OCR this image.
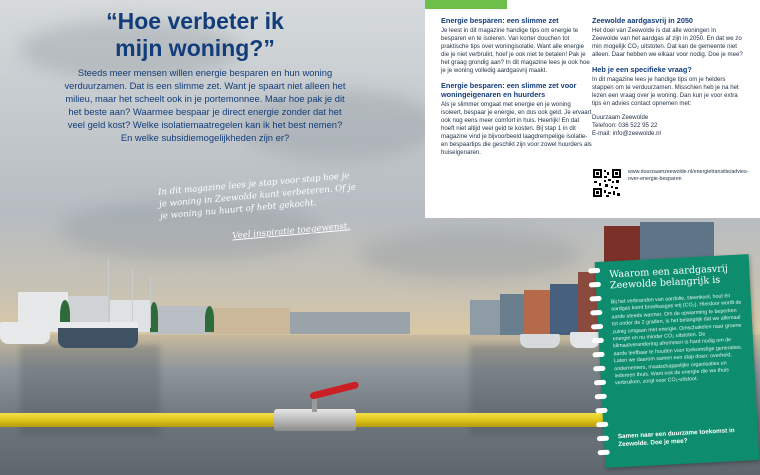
“Hoe verbeter ik mijn woning?”
Steeds meer mensen willen energie besparen en hun woning verduurzamen. Dat is een slimme zet. Want je spaart niet alleen het milieu, maar het scheelt ook in je portemonnee. Maar hoe pak je dit het beste aan? Waarmee bespaar je direct energie zonder dat het veel geld kost? Welke isolatiemaatregelen kan ik het best nemen? En welke subsidiemogelijkheden zijn er?
In dit magazine lees je stap voor stap hoe je je woning in Zeewolde kunt verbeteren. Of je je woning nu huurt of hebt gekocht.
Veel inspiratie toegewenst.
Energie besparen: een slimme zet

Je leest in dit magazine handige tips om energie te besparen en te isoleren. Van korter douchen tot praktische tips over woningisolatie. Want alle energie die je niet verbruikt, hoef je ook niet te betalen! Pak je het graag grondig aan? In dit magazine lees je ook hoe je je woning volledig aardgasvrij maakt.

Energie besparen: een slimme zet voor woningeigenaren en huurders

Als je slimmer omgaat met energie en je woning isoleert, bespaar je energie, en dus ook geld. Je ervaart ook nog eens meer comfort in huis. Heerlijk! En dat hoeft niet altijd veel geld te kosten. Bij stap 1 in dit magazine vind je bijvoorbeeld laagdrempelige isolatie- en bespaartips die geschikt zijn voor zowel huurders als huiseigenaren.

Zeewolde aardgasvrij in 2050

Het doel van Zeewolde is dat alle woningen in Zeewolde van het aardgas af zijn in 2050. En dat we zo min mogelijk CO₂ uitstoten. Dat kan de gemeente niet alleen. Daar hebben we elkaar voor nodig. Doe je mee?

Heb je een specifieke vraag?

In dit magazine lees je handige tips om je helders stappen om te verduurzamen. Misschien heb je na het lezen een vraag over je woning. Dan kun je voor extra tips en advies contact opnemen met:

Duurzaam Zeewolde

Telefoon: 036 522 95 22

E-mail: info@zeewolde.nl

www.duurzaamzeewolde.nl/energietransitie/advies-over-energie-besparen
Waarom een aardgasvrij Zeewolde belangrijk is
Bij het verbranden van aardolie, steenkool, hout én aardgas komt broeikasgas vrij (CO₂). Hierdoor wordt de aarde steeds warmer. Om de opwarming te beperken tot onder de 2 graden, is het belangrijk dat we allemaal zuinig omgaan met energie. Omschakelen naar groene energie en nu minder CO₂ uitstoten. De klimaatverandering afremmen is hard nodig om de aarde leefbaar te houden voor toekomstige generaties. Laten we daarom samen een stap doen: overheid, ondernemers, maatschappelijke organisaties en iedereen thuis. Want ook de energie die we thuis verbruiken, zorgt voor CO₂-uitstoot.
Samen naar een duurzame toekomst in Zeewolde. Doe je mee?
